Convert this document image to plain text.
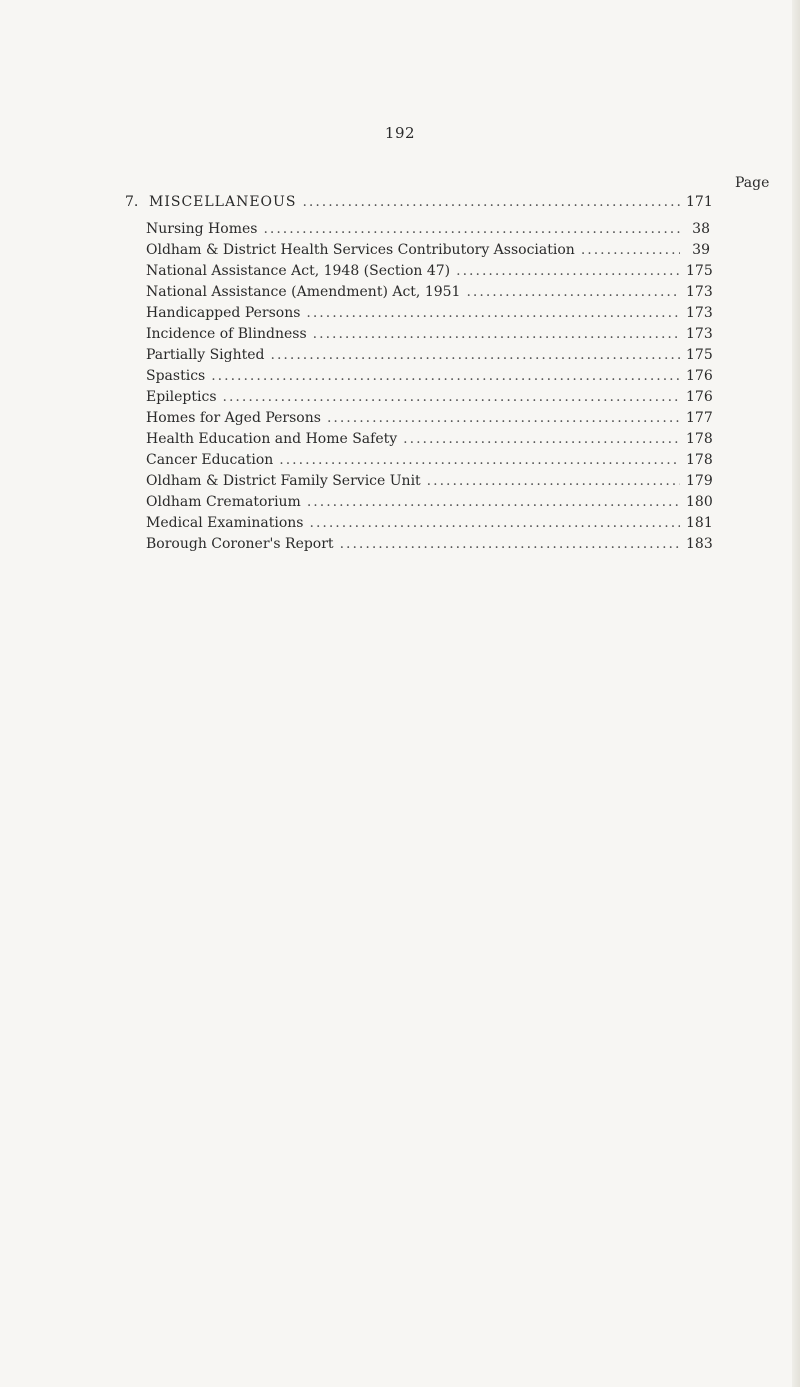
192
Page
7. MISCELLANEOUS .....	171
Nursing Homes .....	38
Oldham & District Health Services Contributory Association .....	39
National Assistance Act, 1948 (Section 47) .....	175
National Assistance (Amendment) Act, 1951 .....	173
Handicapped Persons .....	173
Incidence of Blindness .....	173
Partially Sighted .....	175
Spastics .....	176
Epileptics .....	176
Homes for Aged Persons .....	177
Health Education and Home Safety .....	178
Cancer Education .....	178
Oldham & District Family Service Unit .....	179
Oldham Crematorium .....	180
Medical Examinations .....	181
Borough Coroner's Report .....	183
